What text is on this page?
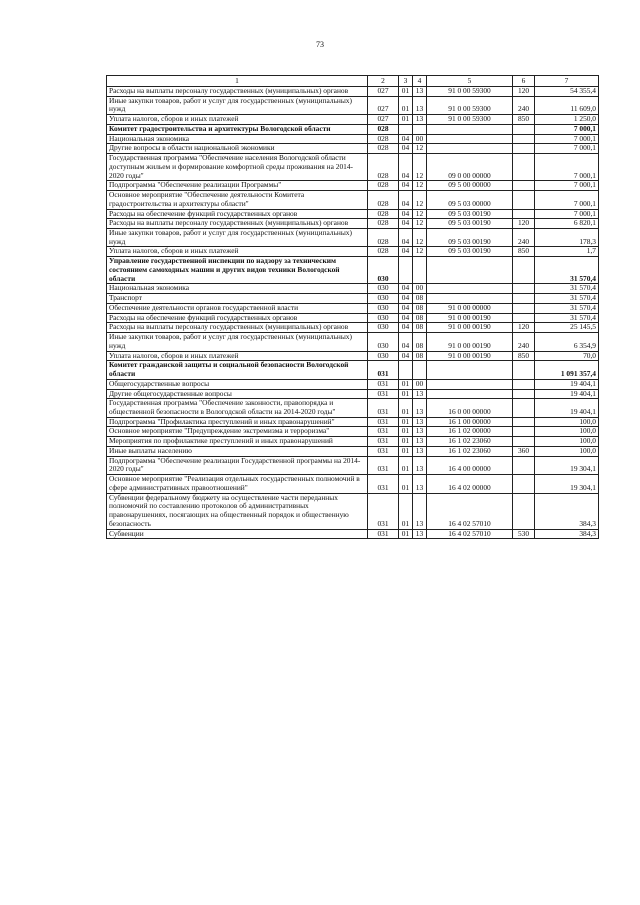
73
1	2	3	4	5	6	7
Расходы на выплаты персоналу государственных (муниципальных) органов	027	01	13	91 0 00 59300	120	54 355,4
Иные закупки товаров, работ и услуг для государственных (муниципальных) нужд	027	01	13	91 0 00 59300	240	11 609,0
Уплата налогов, сборов и иных платежей	027	01	13	91 0 00 59300	850	1 250,0
Комитет градостроительства и архитектуры Вологодской области	028					7 000,1
Национальная экономика	028	04	00			7 000,1
Другие вопросы в области национальной экономики	028	04	12			7 000,1
Государственная программа "Обеспечение населения Вологодской области доступным жильем и формирование комфортной среды проживания на 2014-2020 годы"	028	04	12	09 0 00 00000		7 000,1
Подпрограмма "Обеспечение реализации Программы"	028	04	12	09 5 00 00000		7 000,1
Основное мероприятие "Обеспечение деятельности Комитета градостроительства и архитектуры области"	028	04	12	09 5 03 00000		7 000,1
Расходы на обеспечение функций государственных органов	028	04	12	09 5 03 00190		7 000,1
Расходы на выплаты персоналу государственных (муниципальных) органов	028	04	12	09 5 03 00190	120	6 820,1
Иные закупки товаров, работ и услуг для государственных (муниципальных) нужд	028	04	12	09 5 03 00190	240	178,3
Уплата налогов, сборов и иных платежей	028	04	12	09 5 03 00190	850	1,7
Управление государственной инспекции по надзору за техническим состоянием самоходных машин и других видов техники Вологодской области	030					31 570,4
Национальная экономика	030	04	00			31 570,4
Транспорт	030	04	08			31 570,4
Обеспечение деятельности органов государственной власти	030	04	08	91 0 00 00000		31 570,4
Расходы на обеспечение функций государственных органов	030	04	08	91 0 00 00190		31 570,4
Расходы на выплаты персоналу государственных (муниципальных) органов	030	04	08	91 0 00 00190	120	25 145,5
Иные закупки товаров, работ и услуг для государственных (муниципальных) нужд	030	04	08	91 0 00 00190	240	6 354,9
Уплата налогов, сборов и иных платежей	030	04	08	91 0 00 00190	850	70,0
Комитет гражданской защиты и социальной безопасности Вологодской области	031					1 091 357,4
Общегосударственные вопросы	031	01	00			19 404,1
Другие общегосударственные вопросы	031	01	13			19 404,1
Государственная программа "Обеспечение законности, правопорядка и общественной безопасности в Вологодской области на 2014-2020 годы"	031	01	13	16 0 00 00000		19 404,1
Подпрограмма "Профилактика преступлений и иных правонарушений"	031	01	13	16 1 00 00000		100,0
Основное мероприятие "Предупреждение экстремизма и терроризма"	031	01	13	16 1 02 00000		100,0
Мероприятия по профилактике преступлений и иных правонарушений	031	01	13	16 1 02 23060		100,0
Иные выплаты населению	031	01	13	16 1 02 23060	360	100,0
Подпрограмма "Обеспечение реализации Государственной программы на 2014-2020 годы"	031	01	13	16 4 00 00000		19 304,1
Основное мероприятие "Реализация отдельных государственных полномочий в сфере административных правоотношений"	031	01	13	16 4 02 00000		19 304,1
Субвенции федеральному бюджету на осуществление части переданных полномочий по составлению протоколов об административных правонарушениях, посягающих на общественный порядок и общественную безопасность	031	01	13	16 4 02 57010		384,3
Субвенции	031	01	13	16 4 02 57010	530	384,3
